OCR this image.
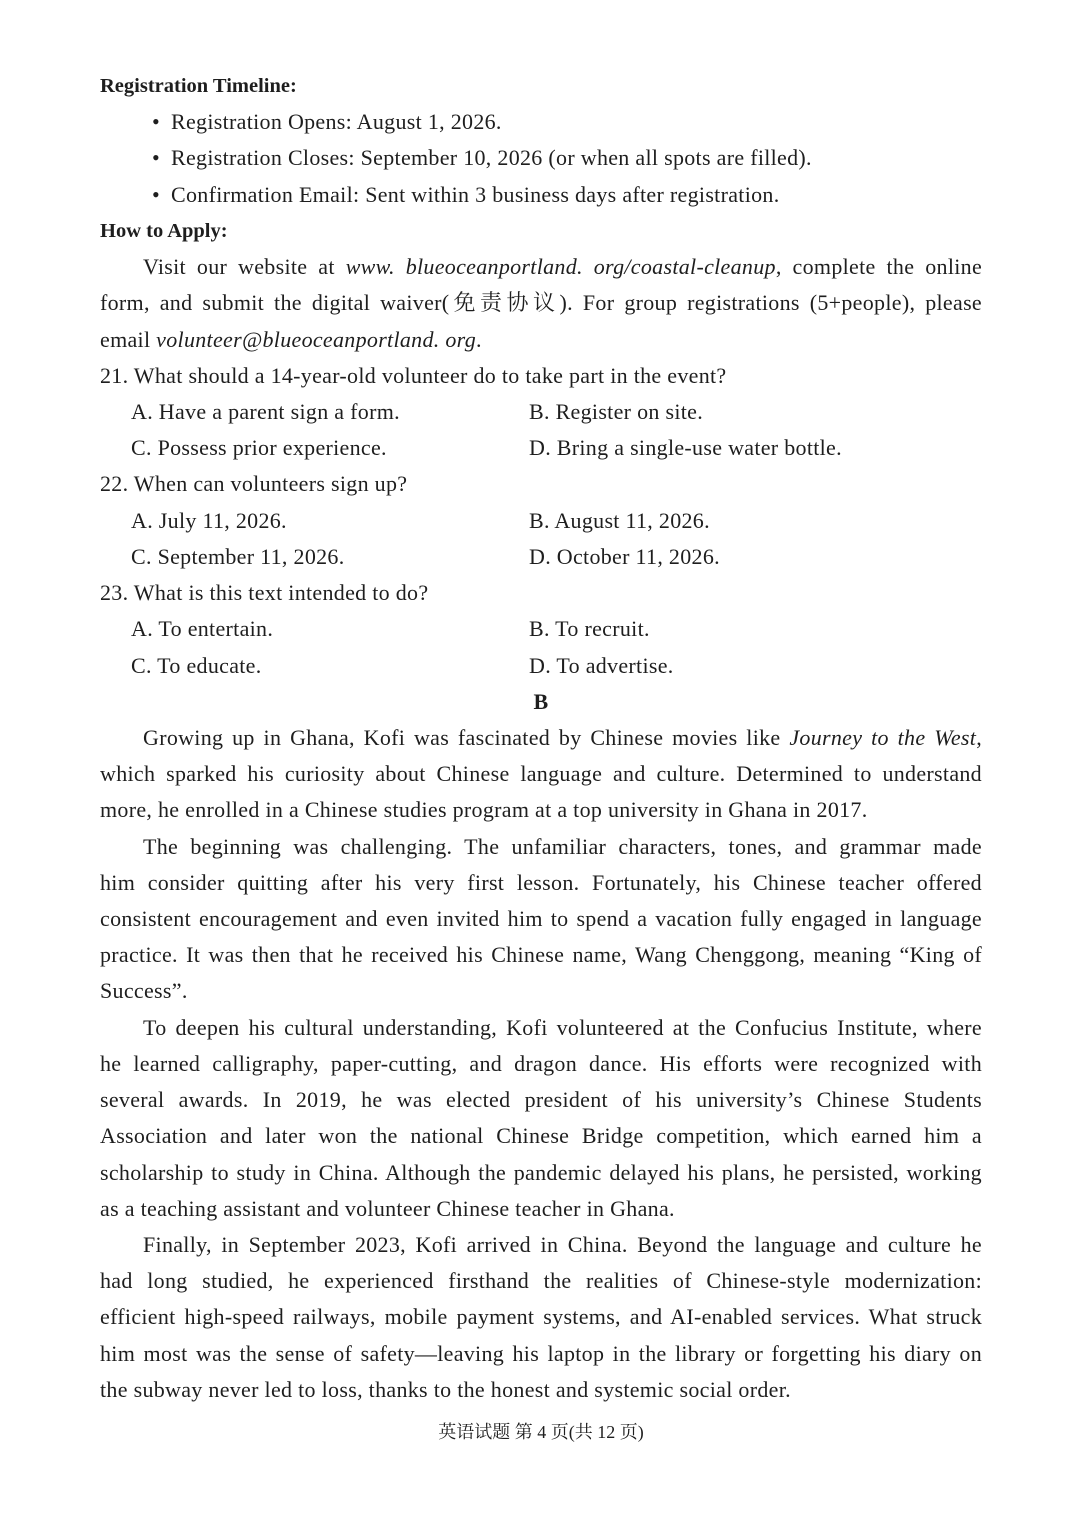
Registration Timeline:
• Registration Opens: August 1, 2026.
• Registration Closes: September 10, 2026 (or when all spots are filled).
• Confirmation Email: Sent within 3 business days after registration.
How to Apply:
Visit our website at www. blueoceanportland. org/coastal-cleanup, complete the online
form, and submit the digital waiver(免责协议). For group registrations (5+people), please
email volunteer@blueoceanportland. org.
21. What should a 14-year-old volunteer do to take part in the event?
A. Have a parent sign a form.	B. Register on site.
C. Possess prior experience.	D. Bring a single-use water bottle.
22. When can volunteers sign up?
A. July 11, 2026.	B. August 11, 2026.
C. September 11, 2026.	D. October 11, 2026.
23. What is this text intended to do?
A. To entertain.	B. To recruit.
C. To educate.	D. To advertise.
B
Growing up in Ghana, Kofi was fascinated by Chinese movies like Journey to the West,
which sparked his curiosity about Chinese language and culture. Determined to understand
more, he enrolled in a Chinese studies program at a top university in Ghana in 2017.
The beginning was challenging. The unfamiliar characters, tones, and grammar made
him consider quitting after his very first lesson. Fortunately, his Chinese teacher offered
consistent encouragement and even invited him to spend a vacation fully engaged in language
practice. It was then that he received his Chinese name, Wang Chenggong, meaning “King of
Success”.
To deepen his cultural understanding, Kofi volunteered at the Confucius Institute, where
he learned calligraphy, paper-cutting, and dragon dance. His efforts were recognized with
several awards. In 2019, he was elected president of his university’s Chinese Students
Association and later won the national Chinese Bridge competition, which earned him a
scholarship to study in China. Although the pandemic delayed his plans, he persisted, working
as a teaching assistant and volunteer Chinese teacher in Ghana.
Finally, in September 2023, Kofi arrived in China. Beyond the language and culture he
had long studied, he experienced firsthand the realities of Chinese-style modernization:
efficient high-speed railways, mobile payment systems, and AI-enabled services. What struck
him most was the sense of safety—leaving his laptop in the library or forgetting his diary on
the subway never led to loss, thanks to the honest and systemic social order.
英语试题 第 4 页(共 12 页)
